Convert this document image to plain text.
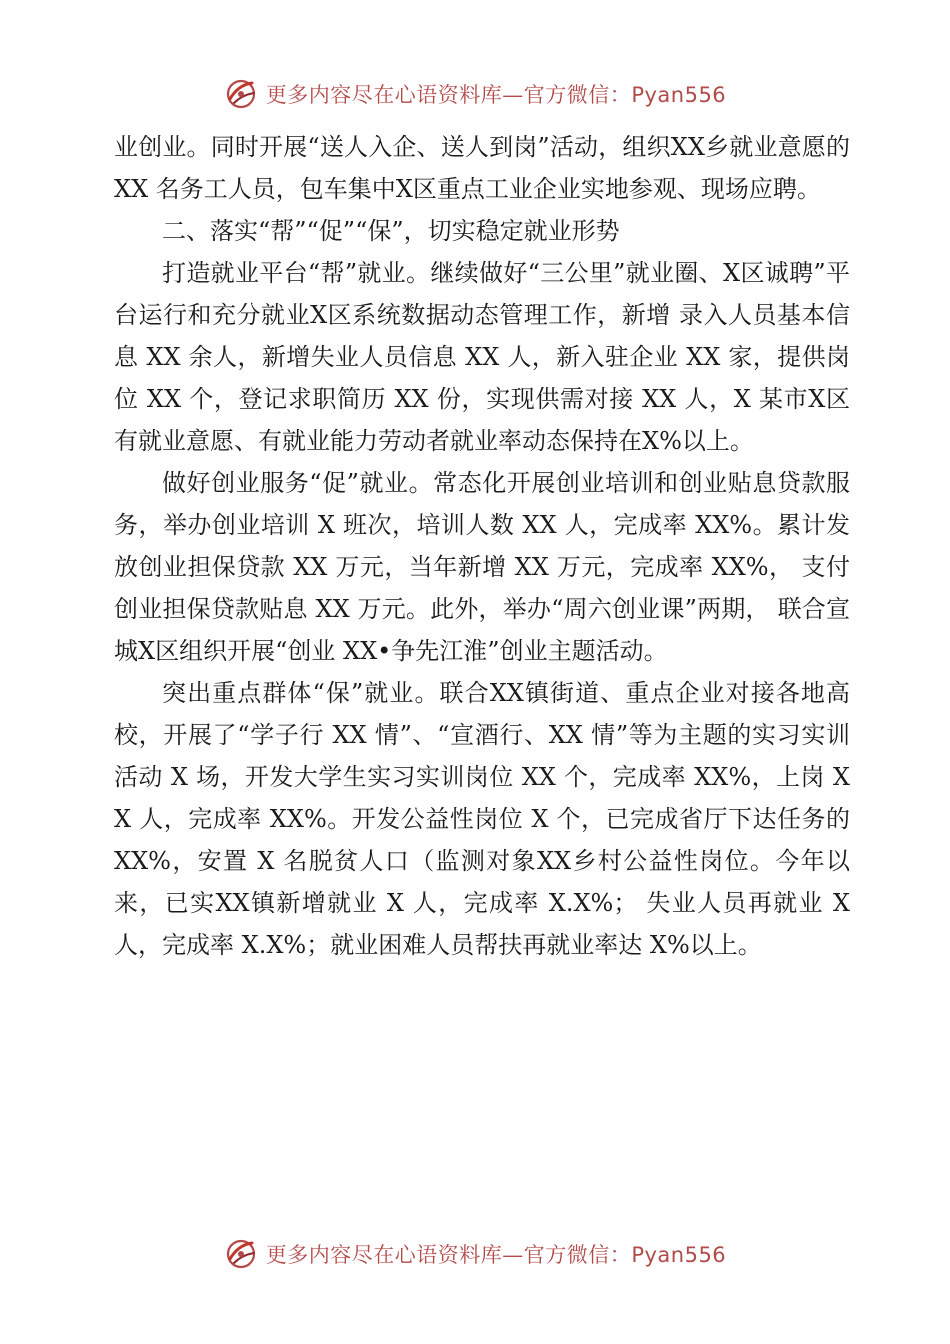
更多内容尽在心语资料库—官方微信：Pyan556

业创业。同时开展“送人入企、送人到岗”活动，组织XX乡就业意愿的XX 名务工人员，包车集中X区重点工业企业实地参观、现场应聘。

二、落实“帮”“促”“保”，切实稳定就业形势

打造就业平台“帮”就业。继续做好“三公里”就业圈、X区诚聘”平台运行和充分就业X区系统数据动态管理工作，新增 录入人员基本信息 XX 余人，新增失业人员信息 XX 人，新入驻企业 XX 家，提供岗位 XX 个，登记求职简历 XX 份，实现供需对接 XX 人，X 某市X区有就业意愿、有就业能力劳动者就业率动态保持在X%以上。

做好创业服务“促”就业。常态化开展创业培训和创业贴息贷款服务，举办创业培训 X 班次，培训人数 XX 人，完成率 XX%。累计发放创业担保贷款 XX 万元，当年新增 XX 万元，完成率 XX%， 支付创业担保贷款贴息 XX 万元。此外，举办“周六创业课”两期， 联合宣城X区组织开展“创业 XX•争先江淮”创业主题活动。

突出重点群体“保”就业。联合XX镇街道、重点企业对接各地高校，开展了“学子行 XX 情”、“宣酒行、XX 情”等为主题的实习实训活动 X 场，开发大学生实习实训岗位 XX 个，完成率 XX%，上岗 XX 人，完成率 XX%。开发公益性岗位 X 个，已完成省厅下达任务的 XX%，安置 X 名脱贫人口（监测对象XX乡村公益性岗位。今年以来，已实XX镇新增就业 X 人，完成率 X.X%； 失业人员再就业 X 人，完成率 X.X%；就业困难人员帮扶再就业率达 X%以上。

更多内容尽在心语资料库—官方微信：Pyan556
